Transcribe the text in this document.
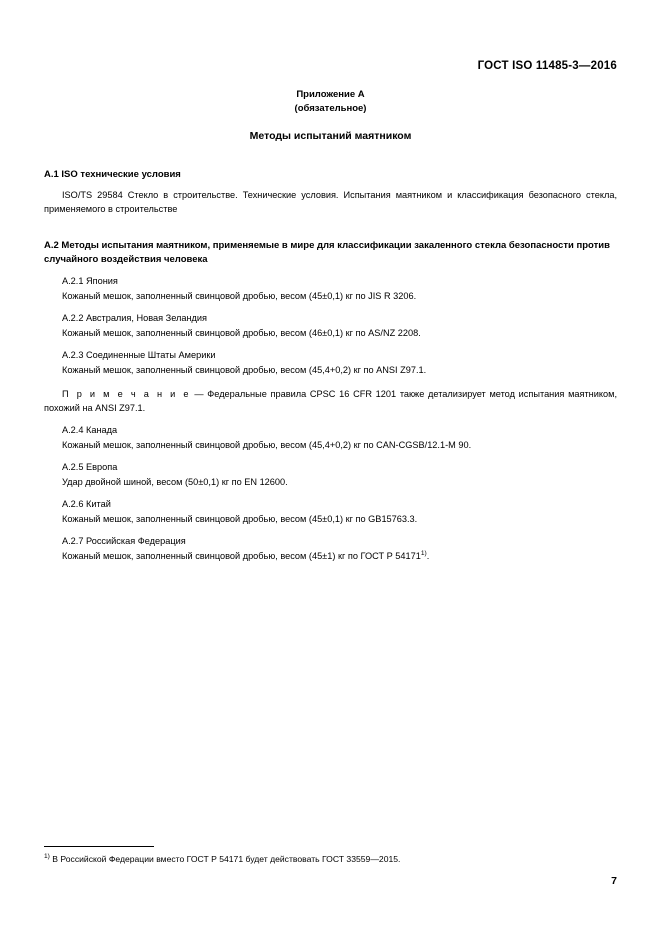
ГОСТ ISO 11485-3—2016
Приложение А
(обязательное)
Методы испытаний маятником
А.1 ISO технические условия
ISO/TS 29584 Стекло в строительстве. Технические условия. Испытания маятником и классификация безопасного стекла, применяемого в строительстве
А.2 Методы испытания маятником, применяемые в мире для классификации закаленного стекла безопасности против случайного воздействия человека
А.2.1 Япония
Кожаный мешок, заполненный свинцовой дробью, весом (45±0,1) кг по JIS R 3206.
А.2.2 Австралия, Новая Зеландия
Кожаный мешок, заполненный свинцовой дробью, весом (46±0,1) кг по AS/NZ 2208.
А.2.3 Соединенные Штаты Америки
Кожаный мешок, заполненный свинцовой дробью, весом (45,4+0,2) кг по ANSI Z97.1.
П р и м е ч а н и е — Федеральные правила CPSC 16 CFR 1201 также детализирует метод испытания маятником, похожий на ANSI Z97.1.
А.2.4 Канада
Кожаный мешок, заполненный свинцовой дробью, весом (45,4+0,2) кг по CAN-CGSB/12.1-М 90.
А.2.5 Европа
Удар двойной шиной, весом (50±0,1) кг по EN 12600.
А.2.6 Китай
Кожаный мешок, заполненный свинцовой дробью, весом (45±0,1) кг по GB15763.3.
А.2.7 Российская Федерация
Кожаный мешок, заполненный свинцовой дробью, весом (45±1) кг по ГОСТ Р 54171$^{1)}$.
$^{1)}$ В Российской Федерации вместо ГОСТ Р 54171 будет действовать ГОСТ 33559—2015.
7
